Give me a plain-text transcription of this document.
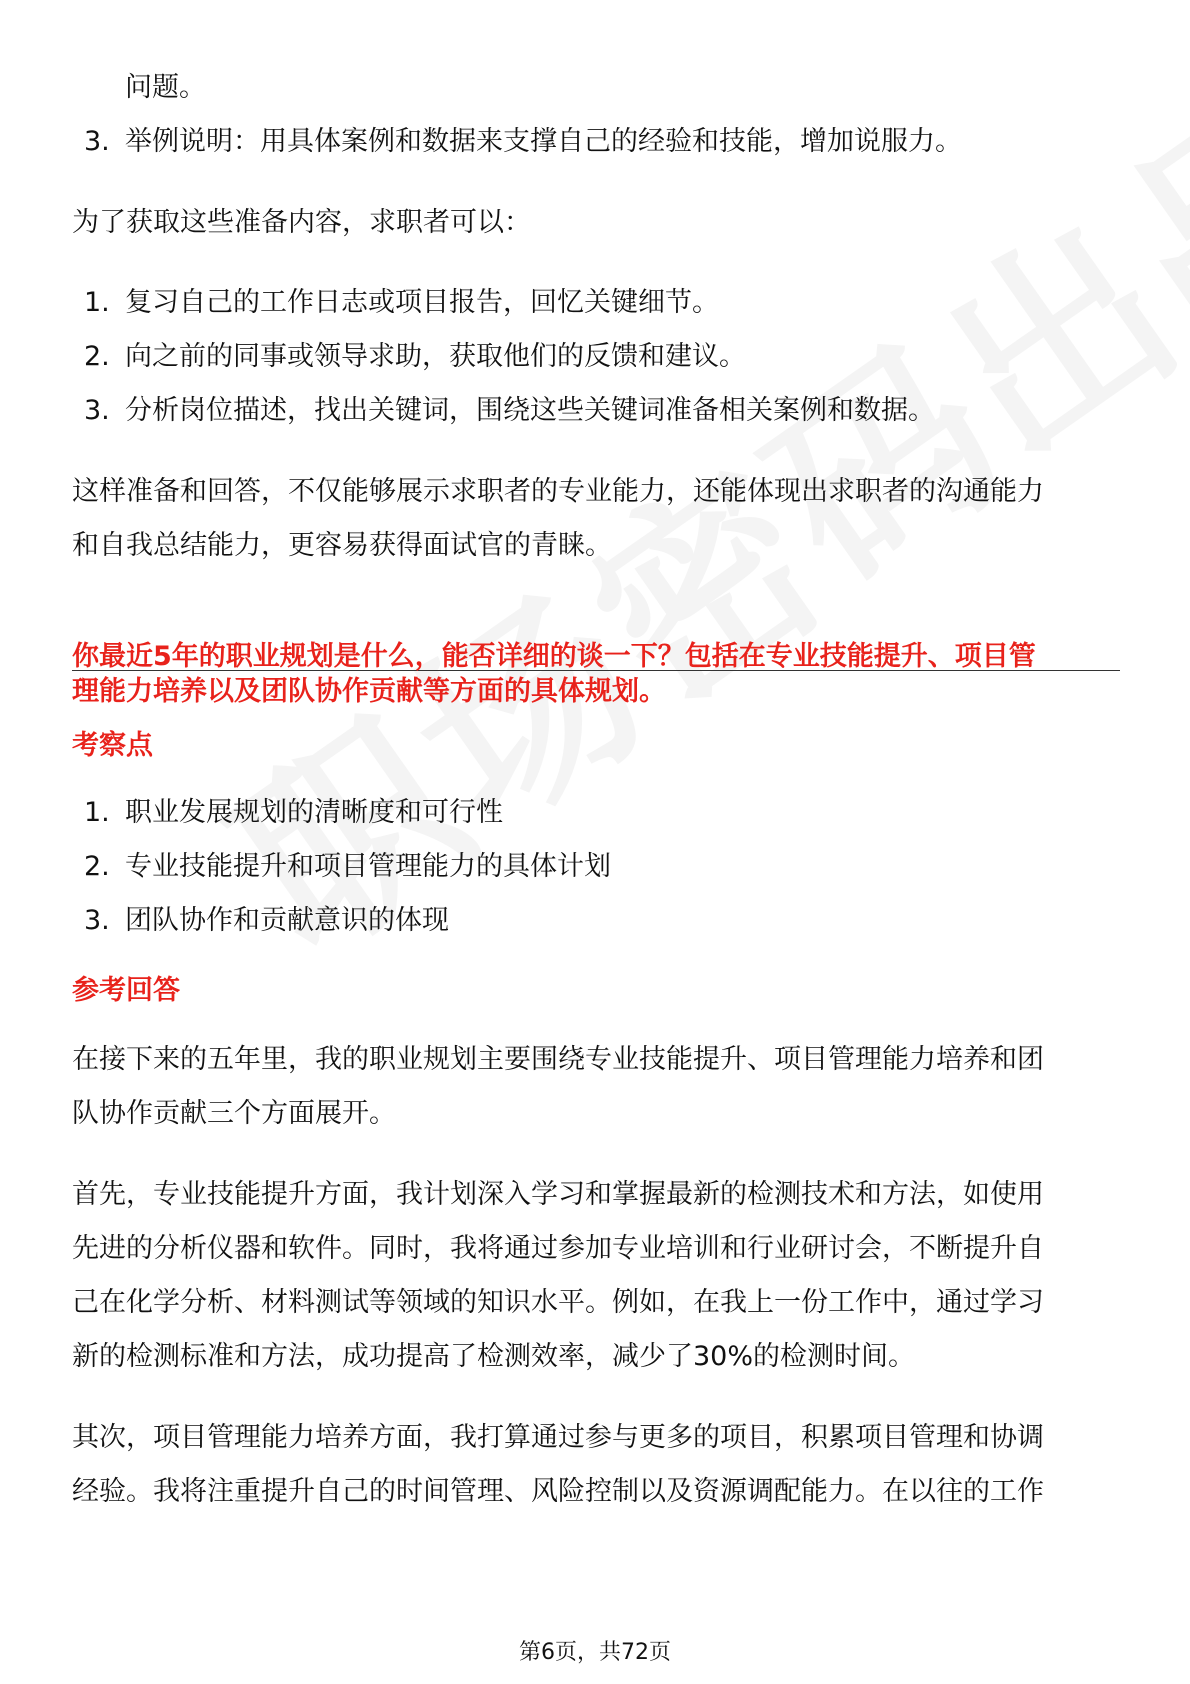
问题。
3. 举例说明：用具体案例和数据来支撑自己的经验和技能，增加说服力。
为了获取这些准备内容，求职者可以：
1. 复习自己的工作日志或项目报告，回忆关键细节。
2. 向之前的同事或领导求助，获取他们的反馈和建议。
3. 分析岗位描述，找出关键词，围绕这些关键词准备相关案例和数据。
这样准备和回答，不仅能够展示求职者的专业能力，还能体现出求职者的沟通能力
和自我总结能力，更容易获得面试官的青睐。
你最近5年的职业规划是什么，能否详细的谈一下？包括在专业技能提升、项目管
理能力培养以及团队协作贡献等方面的具体规划。
考察点
1. 职业发展规划的清晰度和可行性
2. 专业技能提升和项目管理能力的具体计划
3. 团队协作和贡献意识的体现
参考回答
在接下来的五年里，我的职业规划主要围绕专业技能提升、项目管理能力培养和团
队协作贡献三个方面展开。
首先，专业技能提升方面，我计划深入学习和掌握最新的检测技术和方法，如使用
先进的分析仪器和软件。同时，我将通过参加专业培训和行业研讨会，不断提升自
己在化学分析、材料测试等领域的知识水平。例如，在我上一份工作中，通过学习
新的检测标准和方法，成功提高了检测效率，减少了30%的检测时间。
其次，项目管理能力培养方面，我打算通过参与更多的项目，积累项目管理和协调
经验。我将注重提升自己的时间管理、风险控制以及资源调配能力。在以往的工作
第6页，共72页
